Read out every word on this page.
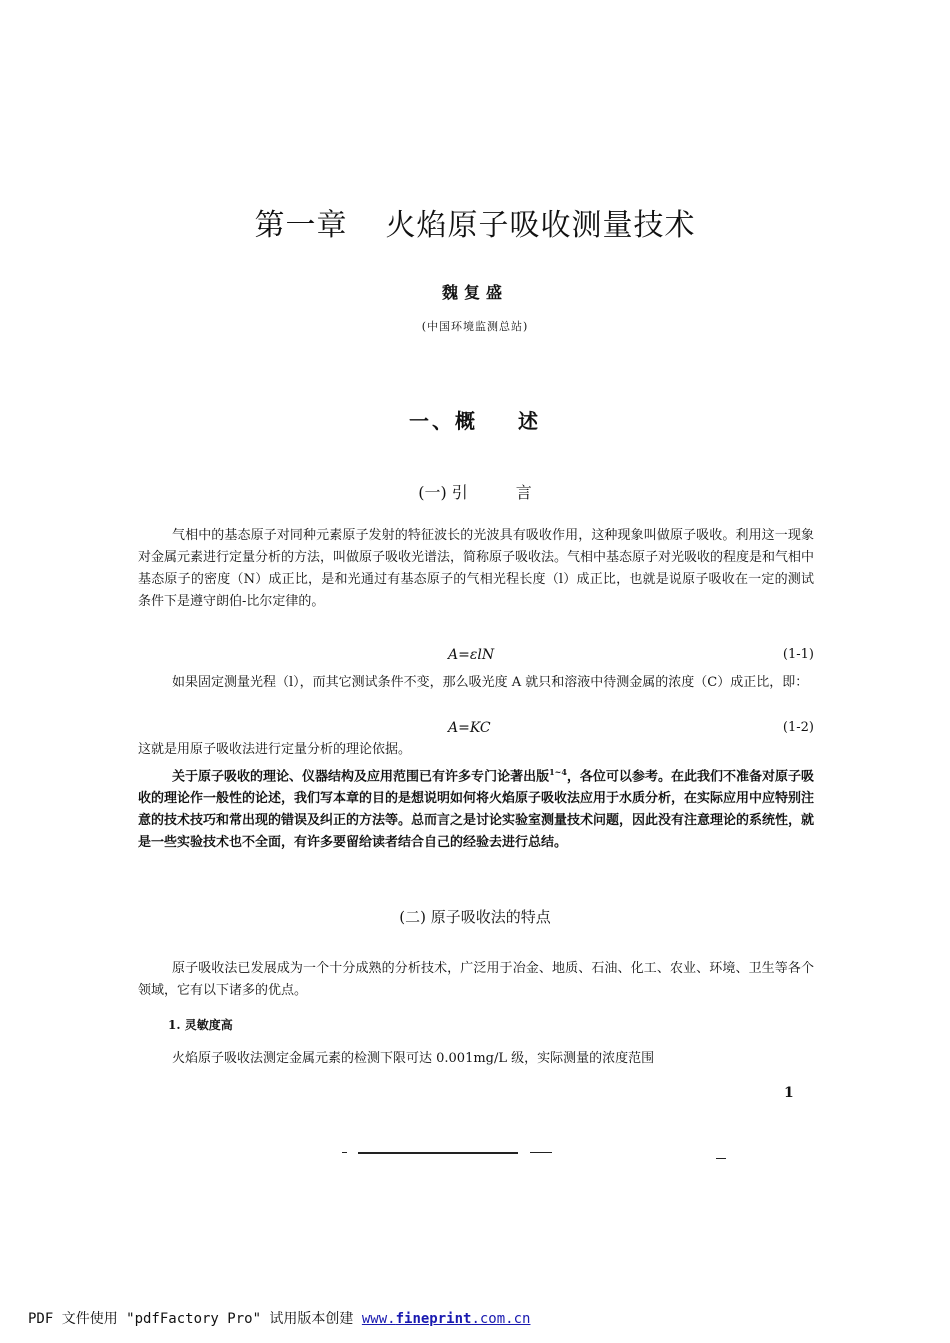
第一章 火焰原子吸收测量技术
魏复盛
(中国环境监测总站)
一、概 述
(一) 引	言
气相中的基态原子对同种元素原子发射的特征波长的光波具有吸收作用，这种现象叫做原子吸收。利用这一现象对金属元素进行定量分析的方法，叫做原子吸收光谱法，简称原子吸收法。气相中基态原子对光吸收的程度是和气相中基态原子的密度（N）成正比，是和光通过有基态原子的气相光程长度（l）成正比，也就是说原子吸收在一定的测试条件下是遵守朗伯-比尔定律的。
A=εlN	(1-1)
如果固定测量光程（l），而其它测试条件不变，那么吸光度 A 就只和溶液中待测金属的浓度（C）成正比，即：
A=KC	(1-2)
这就是用原子吸收法进行定量分析的理论依据。
关于原子吸收的理论、仪器结构及应用范围已有许多专门论著出版$^{1\sim 4}$，各位可以参考。在此我们不准备对原子吸收的理论作一般性的论述，我们写本章的目的是想说明如何将火焰原子吸收法应用于水质分析，在实际应用中应特别注意的技术技巧和常出现的错误及纠正的方法等。总而言之是讨论实验室测量技术问题，因此没有注意理论的系统性，就是一些实验技术也不全面，有许多要留给读者结合自己的经验去进行总结。
(二) 原子吸收法的特点
原子吸收法已发展成为一个十分成熟的分析技术，广泛用于冶金、地质、石油、化工、农业、环境、卫生等各个领域，它有以下诸多的优点。
1. 灵敏度高
火焰原子吸收法测定金属元素的检测下限可达 0.001mg/L 级，实际测量的浓度范围
1
PDF 文件使用 "pdfFactory Pro" 试用版本创建 www.fineprint.com.cn
